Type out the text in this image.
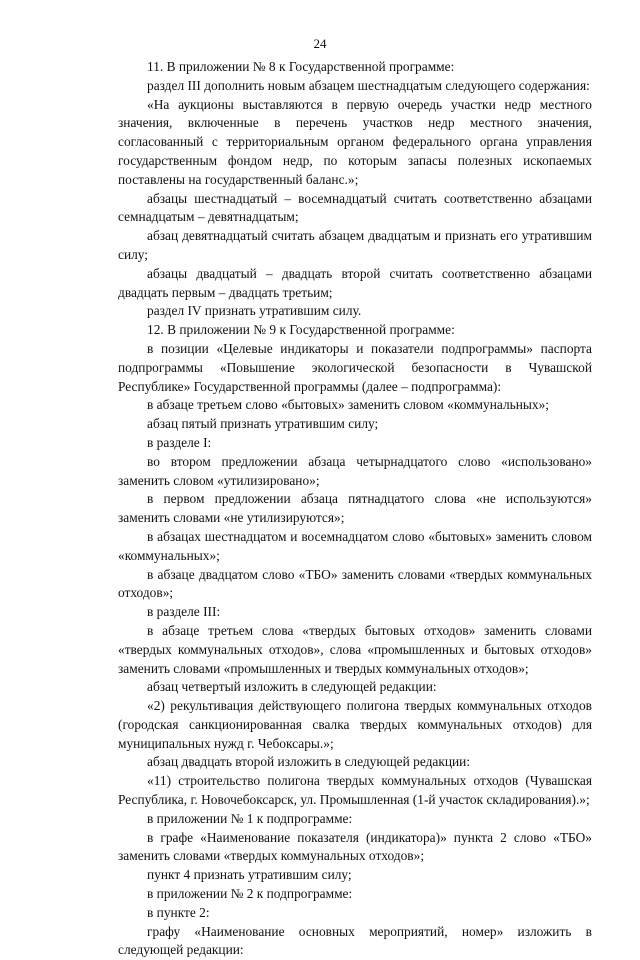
24

11. В приложении № 8 к Государственной программе:

раздел III дополнить новым абзацем шестнадцатым следующего содержания:

«На аукционы выставляются в первую очередь участки недр местного значения, включенные в перечень участков недр местного значения, согласованный с территориальным органом федерального органа управления государственным фондом недр, по которым запасы полезных ископаемых поставлены на государственный баланс.»;

абзацы шестнадцатый – восемнадцатый считать соответственно абзацами семнадцатым – девятнадцатым;

абзац девятнадцатый считать абзацем двадцатым и признать его утратившим силу;

абзацы двадцатый – двадцать второй считать соответственно абзацами двадцать первым – двадцать третьим;

раздел IV признать утратившим силу.

12. В приложении № 9 к Государственной программе:

в позиции «Целевые индикаторы и показатели подпрограммы» паспорта подпрограммы «Повышение экологической безопасности в Чувашской Республике» Государственной программы (далее – подпрограмма):

в абзаце третьем слово «бытовых» заменить словом «коммунальных»;

абзац пятый признать утратившим силу;

в разделе I:

во втором предложении абзаца четырнадцатого слово «использовано» заменить словом «утилизировано»;

в первом предложении абзаца пятнадцатого слова «не используются» заменить словами «не утилизируются»;

в абзацах шестнадцатом и восемнадцатом слово «бытовых» заменить словом «коммунальных»;

в абзаце двадцатом слово «ТБО» заменить словами «твердых коммунальных отходов»;

в разделе III:

в абзаце третьем слова «твердых бытовых отходов» заменить словами «твердых коммунальных отходов», слова «промышленных и бытовых отходов» заменить словами «промышленных и твердых коммунальных отходов»;

абзац четвертый изложить в следующей редакции:

«2) рекультивация действующего полигона твердых коммунальных отходов (городская санкционированная свалка твердых коммунальных отходов) для муниципальных нужд г. Чебоксары.»;

абзац двадцать второй изложить в следующей редакции:

«11) строительство полигона твердых коммунальных отходов (Чувашская Республика, г. Новочебоксарск, ул. Промышленная (1-й участок складирования).»;

в приложении № 1 к подпрограмме:

в графе «Наименование показателя (индикатора)» пункта 2 слово «ТБО» заменить словами «твердых коммунальных отходов»;

пункт 4 признать утратившим силу;

в приложении № 2 к подпрограмме:

в пункте 2:

графу «Наименование основных мероприятий, номер» изложить в следующей редакции:
